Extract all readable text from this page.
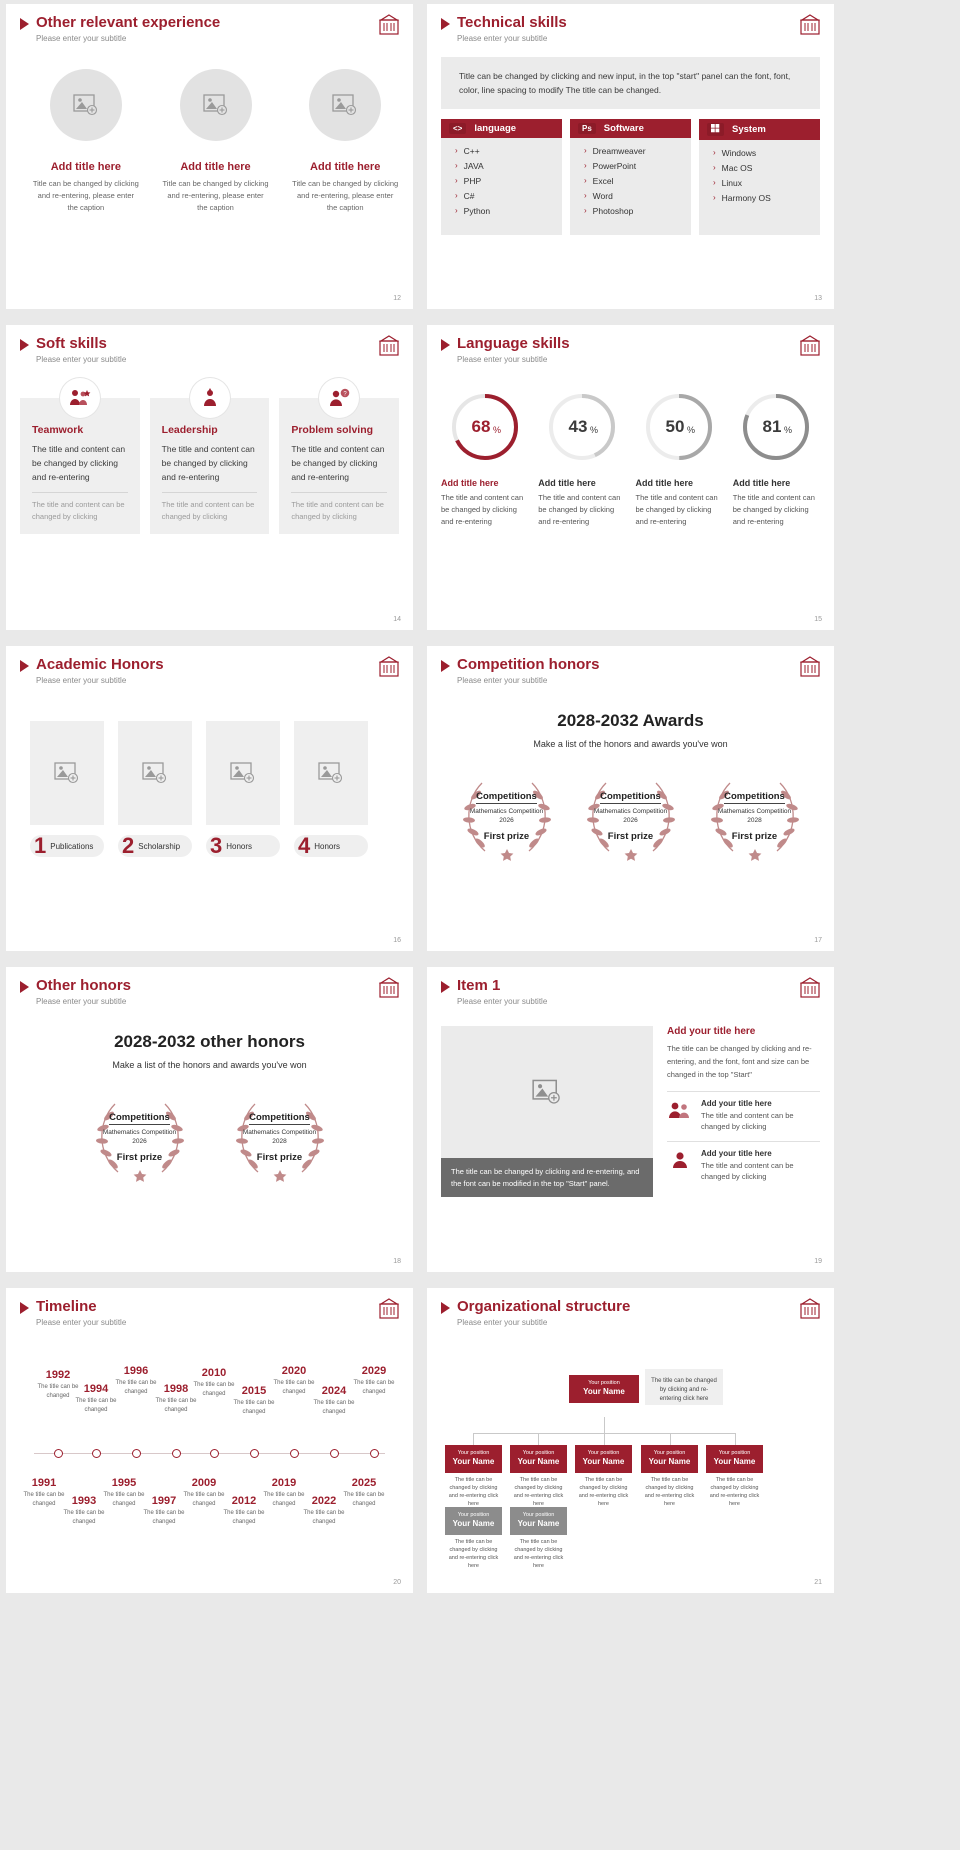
Other relevant experience
Please enter your subtitle
Add title here
Title can be changed by clicking and re-entering, please enter the caption
Add title here
Title can be changed by clicking and re-entering, please enter the caption
Add title here
Title can be changed by clicking and re-entering, please enter the caption
12
Technical skills
Please enter your subtitle
Title can be changed by clicking and new input, in the top "start" panel can the font, font, color, line spacing to modify The title can be changed.
<>	language
› C++
› JAVA
› PHP
› C#
› Python
Ps	Software
› Dreamweaver
› PowerPoint
› Excel
› Word
› Photoshop
System
› Windows
› Mac OS
› Linux
› Harmony OS
13
Soft skills
Please enter your subtitle
Teamwork
The title and content can be changed by clicking and re-entering
The title and content can be changed by clicking
Leadership
The title and content can be changed by clicking and re-entering
The title and content can be changed by clicking
?
Problem solving
The title and content can be changed by clicking and re-entering
The title and content can be changed by clicking
14
Language skills
Please enter your subtitle
68 %
Add title here
The title and content can be changed by clicking and re-entering
43 %
Add title here
The title and content can be changed by clicking and re-entering
50 %
Add title here
The title and content can be changed by clicking and re-entering
81 %
Add title here
The title and content can be changed by clicking and re-entering
15
Academic Honors
Please enter your subtitle
1 Publications 2 Scholarship 3 Honors 4 Honors
16
Competition honors
Please enter your subtitle
2028-2032 Awards
Make a list of the honors and awards you've won
Competitions
Mathematics Competition
2026
First prize
Competitions
Mathematics Competition
2026
First prize
Competitions
Mathematics Competition
2028
First prize
17
Other honors
Please enter your subtitle
2028-2032 other honors
Make a list of the honors and awards you've won
Competitions
Mathematics Competition
2026
First prize
Competitions
Mathematics Competition
2028
First prize
18
Item 1
Please enter your subtitle
The title can be changed by clicking and re-entering, and the font can be modified in the top "Start" panel.
Add your title here
The title can be changed by clicking and re-entering, and the font, font and size can be changed in the top "Start"
Add your title here
The title and content can be changed by clicking
Add your title here
The title and content can be changed by clicking
19
Timeline
Please enter your subtitle
1992
The title can be changed
1994
The title can be changed
1996
The title can be changed	1998
The title can be changed
2010
The title can be changed	2015
The title can be changed
2020
The title can be changed	2024
The title can be changed
2029
The title can be changed
1991
The title can be changed	1993
The title can be changed
1995
The title can be changed	1997
The title can be changed
2009
The title can be changed	2012
The title can be changed
2019
The title can be changed	2022
The title can be changed
2025
The title can be changed
20
Organizational structure
Please enter your subtitle
Your position
Your Name
The title can be changed by clicking and re-entering click here
Your position
Your Name
The title can be changed by clicking and re-entering click here
Your position
Your Name
The title can be changed by clicking and re-entering click here
Your position
Your Name
The title can be changed by clicking and re-entering click here
Your position
Your Name
The title can be changed by clicking and re-entering click here
Your position
Your Name
The title can be changed by clicking and re-entering click here
Your position
Your Name
The title can be changed by clicking and re-entering click here
Your position
Your Name
The title can be changed by clicking and re-entering click here
21
